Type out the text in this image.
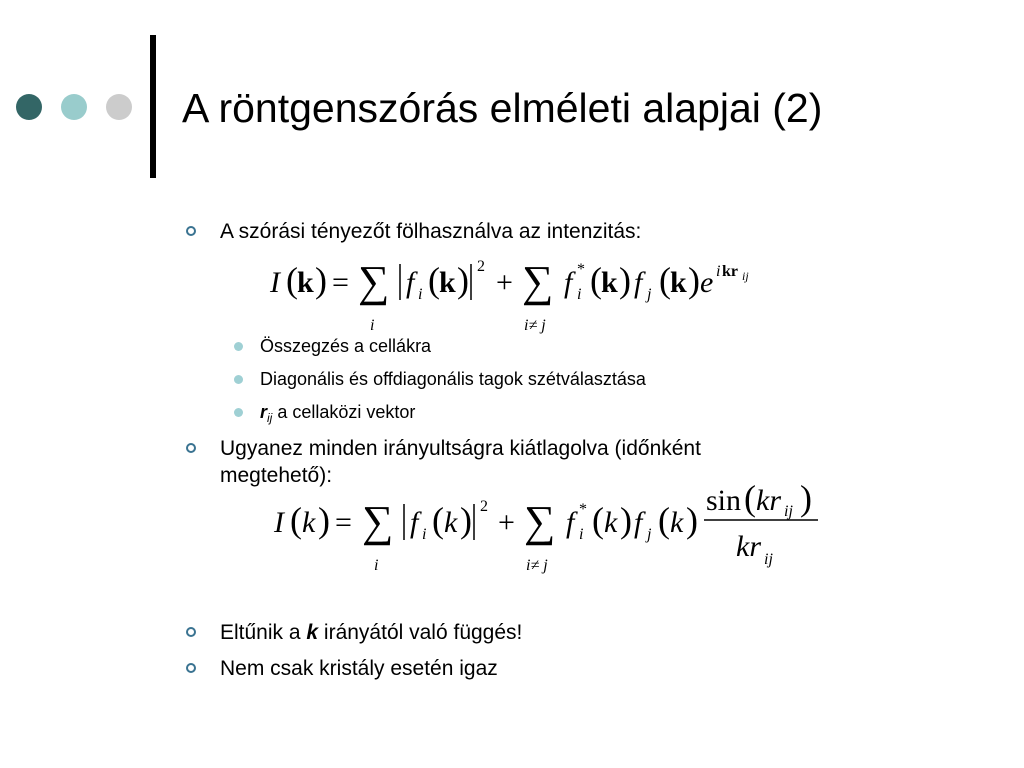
A röntgenszórás elméleti alapjai (2)
A szórási tényezőt fölhasználva az intenzitás:
I ( k ) = ∑
i
f i ( k ) 2 + ∑
i≠ j
f *
i ( k ) f j ( k ) e i kr ij
Összegzés a cellákra
Diagonális és offdiagonális tagok szétválasztása
$r_{ij}$ a cellaközi vektor
Ugyanez minden irányultságra kiátlagolva (időnként
megtehető):
I ( k ) = ∑
i
f i ( k ) 2 + ∑
i≠ j
f *
i ( k ) f j ( k ) sin ( kr ij )
kr ij
Eltűnik a k irányától való függés!
Nem csak kristály esetén igaz
